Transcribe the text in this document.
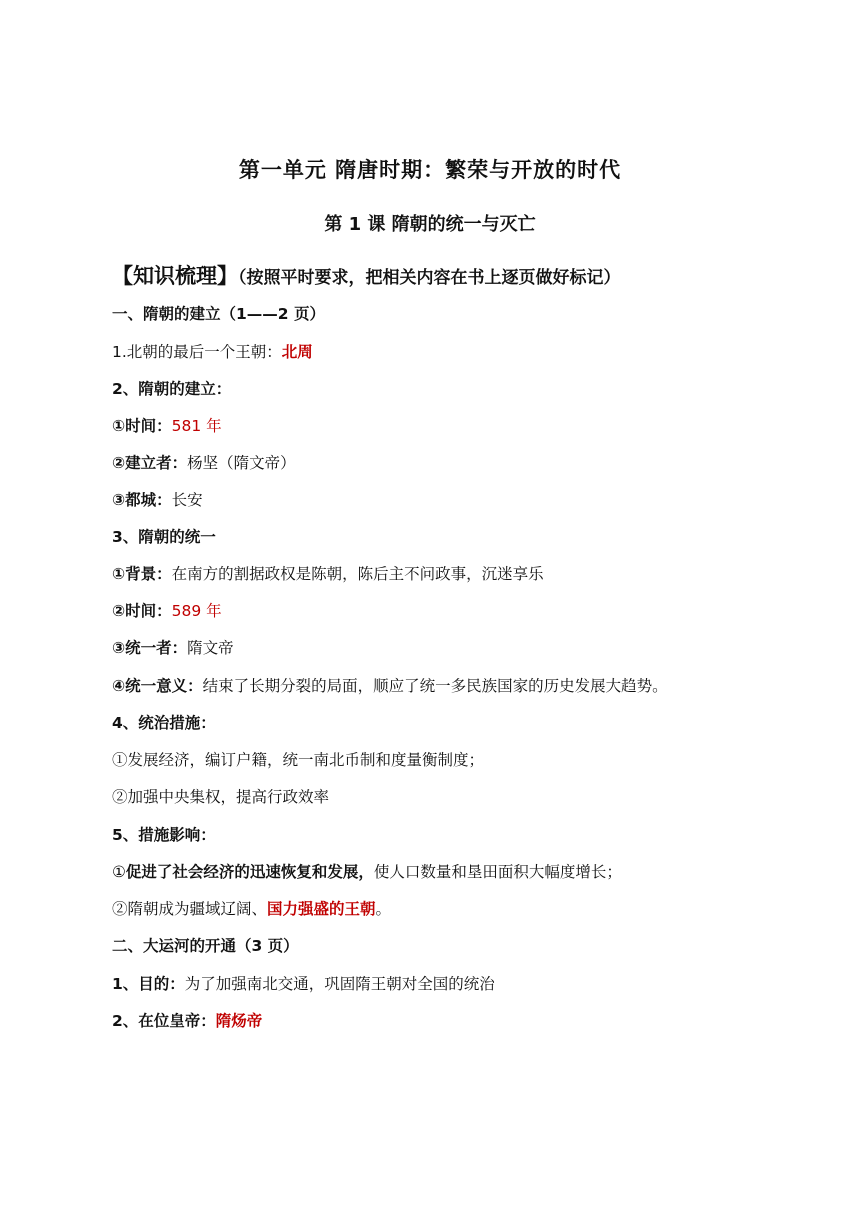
第一单元 隋唐时期：繁荣与开放的时代
第 1 课 隋朝的统一与灭亡
【知识梳理】（按照平时要求，把相关内容在书上逐页做好标记）
一、隋朝的建立（1——2 页）
1.北朝的最后一个王朝：北周
2、隋朝的建立：
①时间：581 年
②建立者：杨坚（隋文帝）
③都城：长安
3、隋朝的统一
①背景：在南方的割据政权是陈朝，陈后主不问政事，沉迷享乐
②时间：589 年
③统一者：隋文帝
④统一意义：结束了长期分裂的局面，顺应了统一多民族国家的历史发展大趋势。
4、统治措施：
①发展经济，编订户籍，统一南北币制和度量衡制度；
②加强中央集权，提高行政效率
5、措施影响：
①促进了社会经济的迅速恢复和发展，使人口数量和垦田面积大幅度增长；
②隋朝成为疆域辽阔、国力强盛的王朝。
二、大运河的开通（3 页）
1、目的：为了加强南北交通，巩固隋王朝对全国的统治
2、在位皇帝：隋炀帝
